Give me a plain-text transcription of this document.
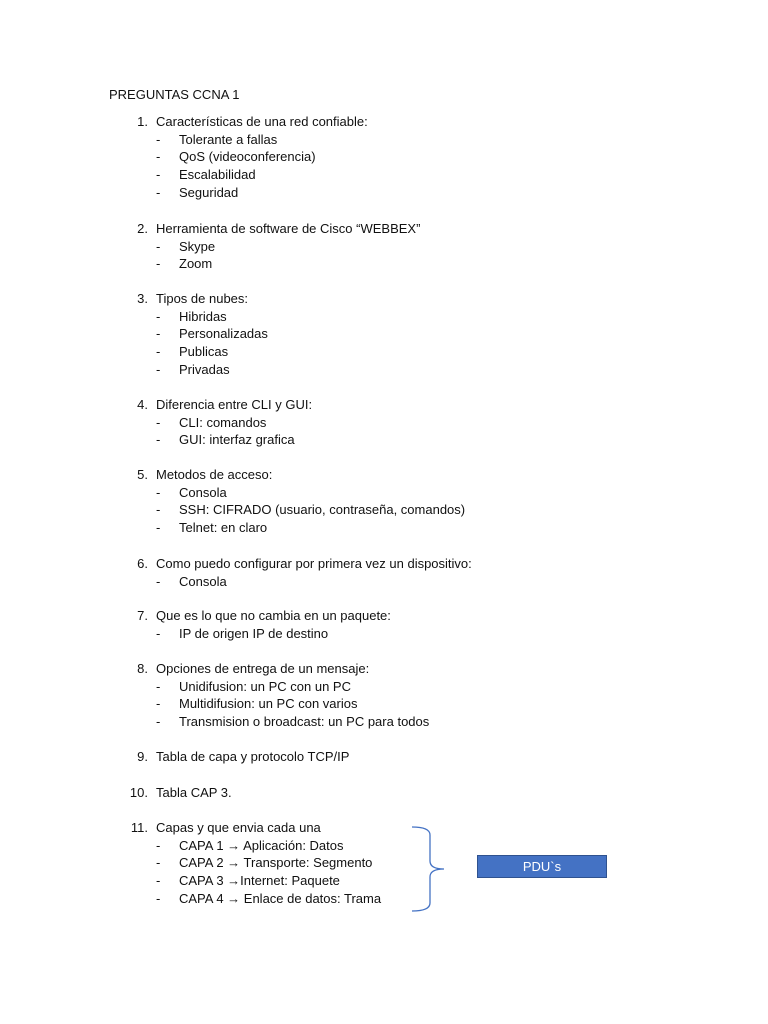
PREGUNTAS CCNA 1
1. Características de una red confiable:
- Tolerante a fallas
- QoS (videoconferencia)
- Escalabilidad
- Seguridad
2. Herramienta de software de Cisco “WEBBEX”
- Skype
- Zoom
3. Tipos de nubes:
- Hibridas
- Personalizadas
- Publicas
- Privadas
4. Diferencia entre CLI y GUI:
- CLI: comandos
- GUI: interfaz grafica
5. Metodos de acceso:
- Consola
- SSH: CIFRADO (usuario, contraseña, comandos)
- Telnet: en claro
6. Como puedo configurar por primera vez un dispositivo:
- Consola
7. Que es lo que no cambia en un paquete:
- IP de origen IP de destino
8. Opciones de entrega de un mensaje:
- Unidifusion: un PC con un PC
- Multidifusion: un PC con varios
- Transmision o broadcast: un PC para todos
9. Tabla de capa y protocolo TCP/IP
10. Tabla CAP 3.
11. Capas y que envia cada una
- CAPA 1 → Aplicación: Datos
- CAPA 2 → Transporte: Segmento
- CAPA 3 →Internet: Paquete
- CAPA 4 → Enlace de datos: Trama
PDU`s
